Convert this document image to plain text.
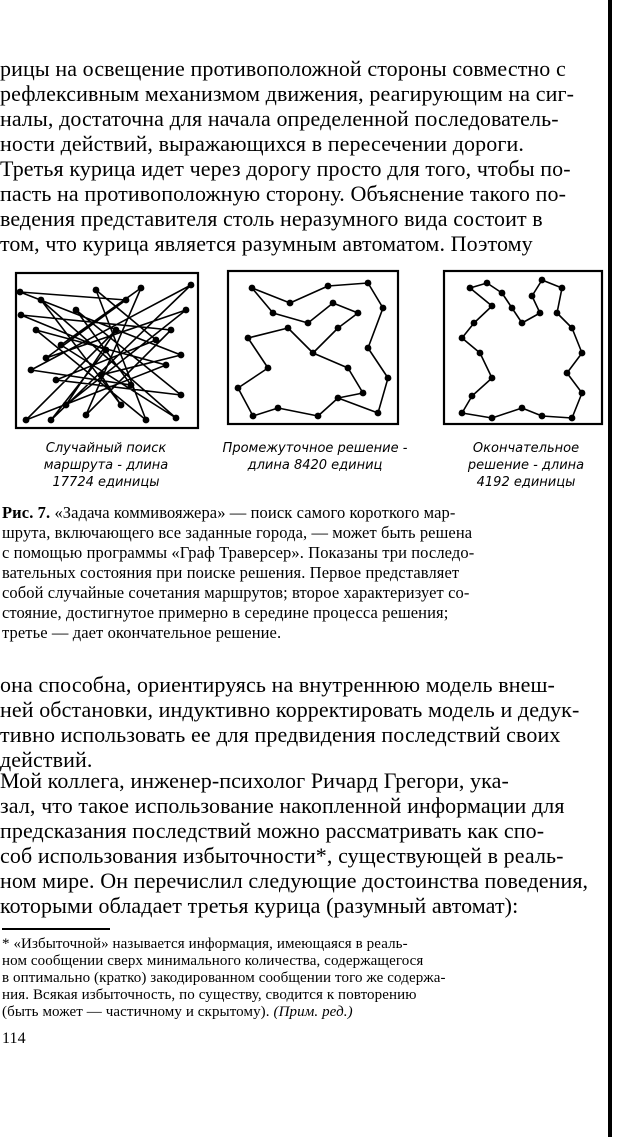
рицы на освещение противоположной стороны совместно с
рефлексивным механизмом движения, реагирующим на сиг-
налы, достаточна для начала определенной последователь-
ности действий, выражающихся в пересечении дороги.
Третья курица идет через дорогу просто для того, чтобы по-
пасть на противоположную сторону. Объяснение такого по-
ведения представителя столь неразумного вида состоит в
том, что курица является разумным автоматом. Поэтому
Случайный поиск
маршрута - длина
17724 единицы
Промежуточное решение -
длина 8420 единиц
Окончательное
решение - длина
4192 единицы
Рис. 7. «Задача коммивояжера» — поиск самого короткого мар-
шрута, включающего все заданные города, — может быть решена
с помощью программы «Граф Траверсер». Показаны три последо-
вательных состояния при поиске решения. Первое представляет
собой случайные сочетания маршрутов; второе характеризует со-
стояние, достигнутое примерно в середине процесса решения;
третье — дает окончательное решение.
она способна, ориентируясь на внутреннюю модель внеш-
ней обстановки, индуктивно корректировать модель и дедук-
тивно использовать ее для предвидения последствий своих
действий.
Мой коллега, инженер-психолог Ричард Грегори, ука-
зал, что такое использование накопленной информации для
предсказания последствий можно рассматривать как спо-
соб использования избыточности*, существующей в реаль-
ном мире. Он перечислил следующие достоинства поведения,
которыми обладает третья курица (разумный автомат):
* «Избыточной» называется информация, имеющаяся в реаль-
ном сообщении сверх минимального количества, содержащегося
в оптимально (кратко) закодированном сообщении того же содержа-
ния. Всякая избыточность, по существу, сводится к повторению
(быть может — частичному и скрытому). (Прим. ред.)
114
